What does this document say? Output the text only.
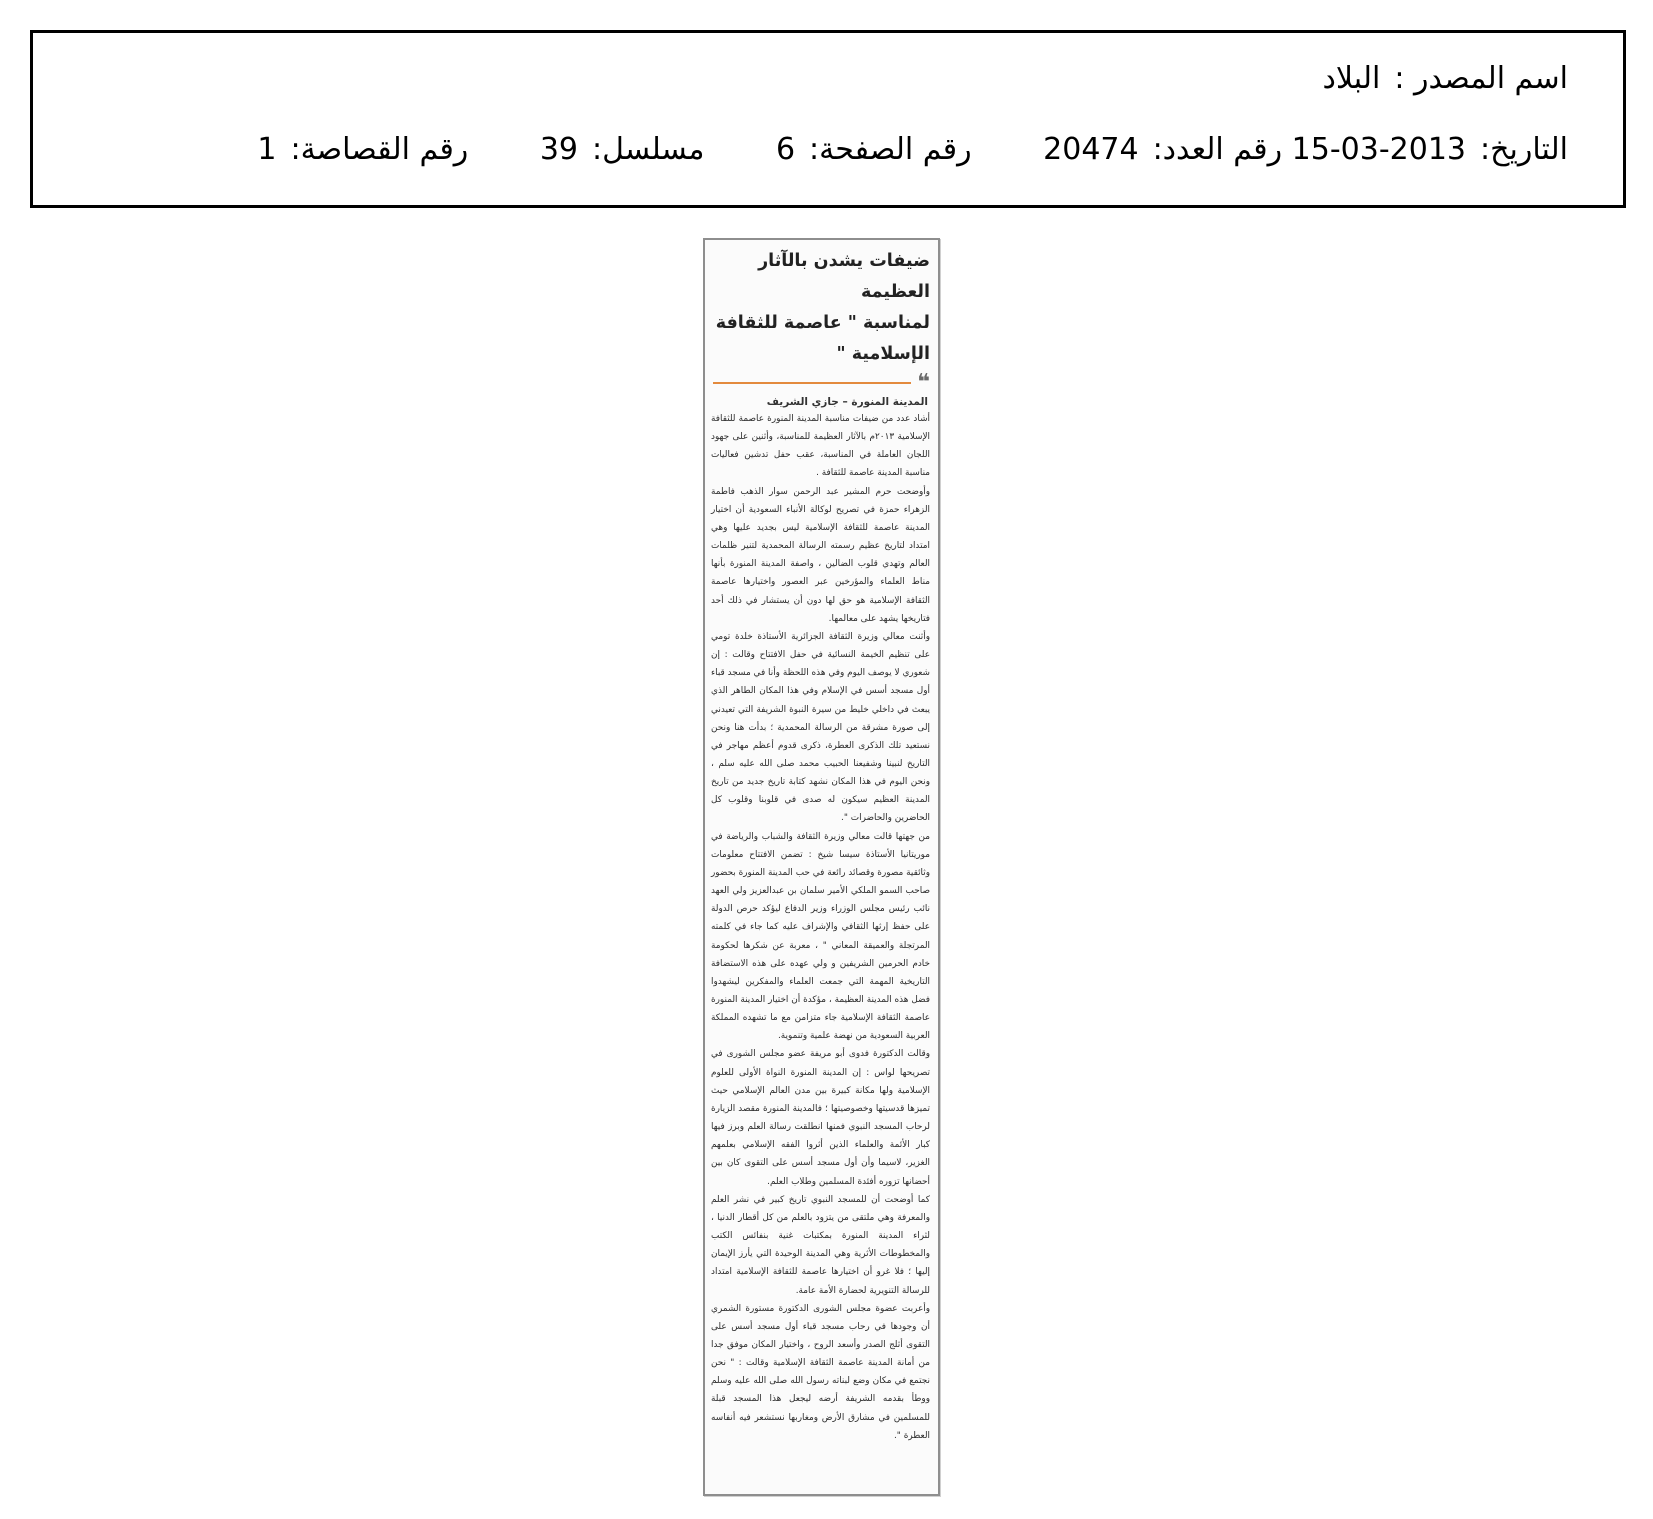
اسم المصدر :البلاد
التاريخ:2013-03-15 رقم العدد:20474 رقم الصفحة:6 مسلسل:39 رقم القصاصة:1
ضيفات يشدن بالآثار العظيمة
لمناسبة " عاصمة للثقافة الإسلامية "
❝
المدينة المنورة – جازي الشريف

أشاد عدد من ضيفات مناسبة المدينة المنورة عاصمة للثقافة الإسلامية ٢٠١٣م بالآثار العظيمة للمناسبة، وأثنين على جهود اللجان العاملة في المناسبة، عقب حفل تدشين فعاليات مناسبة المدينة عاصمة للثقافة .

وأوضحت حرم المشير عبد الرحمن سوار الذهب فاطمة الزهراء حمزة في تصريح لوكالة الأنباء السعودية أن اختيار المدينة عاصمة للثقافة الإسلامية ليس بجديد عليها وهي امتداد لتاريخ عظيم رسمته الرسالة المحمدية لتنير ظلمات العالم وتهدي قلوب الضالين ، واصفة المدينة المنورة بأنها مناط العلماء والمؤرخين عبر العصور واختيارها عاصمة الثقافة الإسلامية هو حق لها دون أن يستشار في ذلك أحد فتاريخها يشهد على معالمها.

وأثنت معالي وزيرة الثقافة الجزائرية الأستاذة خلدة تومي على تنظيم الخيمة النسائية في حفل الافتتاح وقالت : إن شعوري لا يوصف اليوم وفي هذه اللحظة وأنا في مسجد قباء أول مسجد أسس في الإسلام وفي هذا المكان الطاهر الذي يبعث في داخلي خليط من سيرة النبوة الشريفة التي تعيدني إلى صورة مشرقة من الرسالة المحمدية ؛ بدأت هنا ونحن نستعيد تلك الذكرى العطرة، ذكرى قدوم أعظم مهاجر في التاريخ لنبينا وشفيعنا الحبيب محمد صلى الله عليه سلم ، ونحن اليوم في هذا المكان نشهد كتابة تاريخ جديد من تاريخ المدينة العظيم سيكون له صدى في قلوبنا وقلوب كل الحاضرين والحاضرات ".

من جهتها قالت معالي وزيرة الثقافة والشباب والرياضة في موريتانيا الأستاذة سيسا شيخ : تضمن الافتتاح معلومات وثائقية مصورة وقصائد رائعة في حب المدينة المنورة بحضور صاحب السمو الملكي الأمير سلمان بن عبدالعزيز ولي العهد نائب رئيس مجلس الوزراء وزير الدفاع ليؤكد حرص الدولة على حفظ إرثها الثقافي والإشراف عليه كما جاء في كلمته المرتجلة والعميقة المعاني " ، معربة عن شكرها لحكومة خادم الحرمين الشريفين و ولي عهده على هذه الاستضافة التاريخية المهمة التي جمعت العلماء والمفكرين ليشهدوا فضل هذه المدينة العظيمة ، مؤكدة أن اختيار المدينة المنورة عاصمة الثقافة الإسلامية جاء متزامن مع ما تشهده المملكة العربية السعودية من نهضة علمية وتنموية.

وقالت الدكتورة فدوى أبو مريفة عضو مجلس الشورى في تصريحها لواس : إن المدينة المنورة النواة الأولى للعلوم الإسلامية ولها مكانة كبيرة بين مدن العالم الإسلامي حيث تميزها قدسيتها وخصوصيتها ؛ فالمدينة المنورة مقصد الزيارة لرحاب المسجد النبوي فمنها انطلقت رسالة العلم وبرز فيها كبار الأئمة والعلماء الذين أثروا الفقه الإسلامي بعلمهم الغزير، لاسيما وأن أول مسجد أسس على التقوى كان بين أحضانها تزوره أفئدة المسلمين وطلاب العلم.

كما أوضحت أن للمسجد النبوي تاريخ كبير في نشر العلم والمعرفة وهي ملتقى من يتزود بالعلم من كل أقطار الدنيا ، لثراء المدينة المنورة بمكتبات غنية بنفائس الكتب والمخطوطات الأثرية وهي المدينة الوحيدة التي يأرز الإيمان إليها ؛ فلا غرو أن اختيارها عاصمة للثقافة الإسلامية امتداد للرسالة التنويرية لحضارة الأمة عامة.

وأعربت عضوة مجلس الشورى الدكتورة مستورة الشمري أن وجودها في رحاب مسجد قباء أول مسجد أسس على التقوى أثلج الصدر وأسعد الروح ، واختيار المكان موفق جدا من أمانة المدينة عاصمة الثقافة الإسلامية وقالت : " نحن نجتمع في مكان وضع لبناته رسول الله صلى الله عليه وسلم ووطأ بقدمه الشريفة أرضه ليجعل هذا المسجد قبلة للمسلمين في مشارق الأرض ومغاربها نستشعر فيه أنفاسه العطرة ".
